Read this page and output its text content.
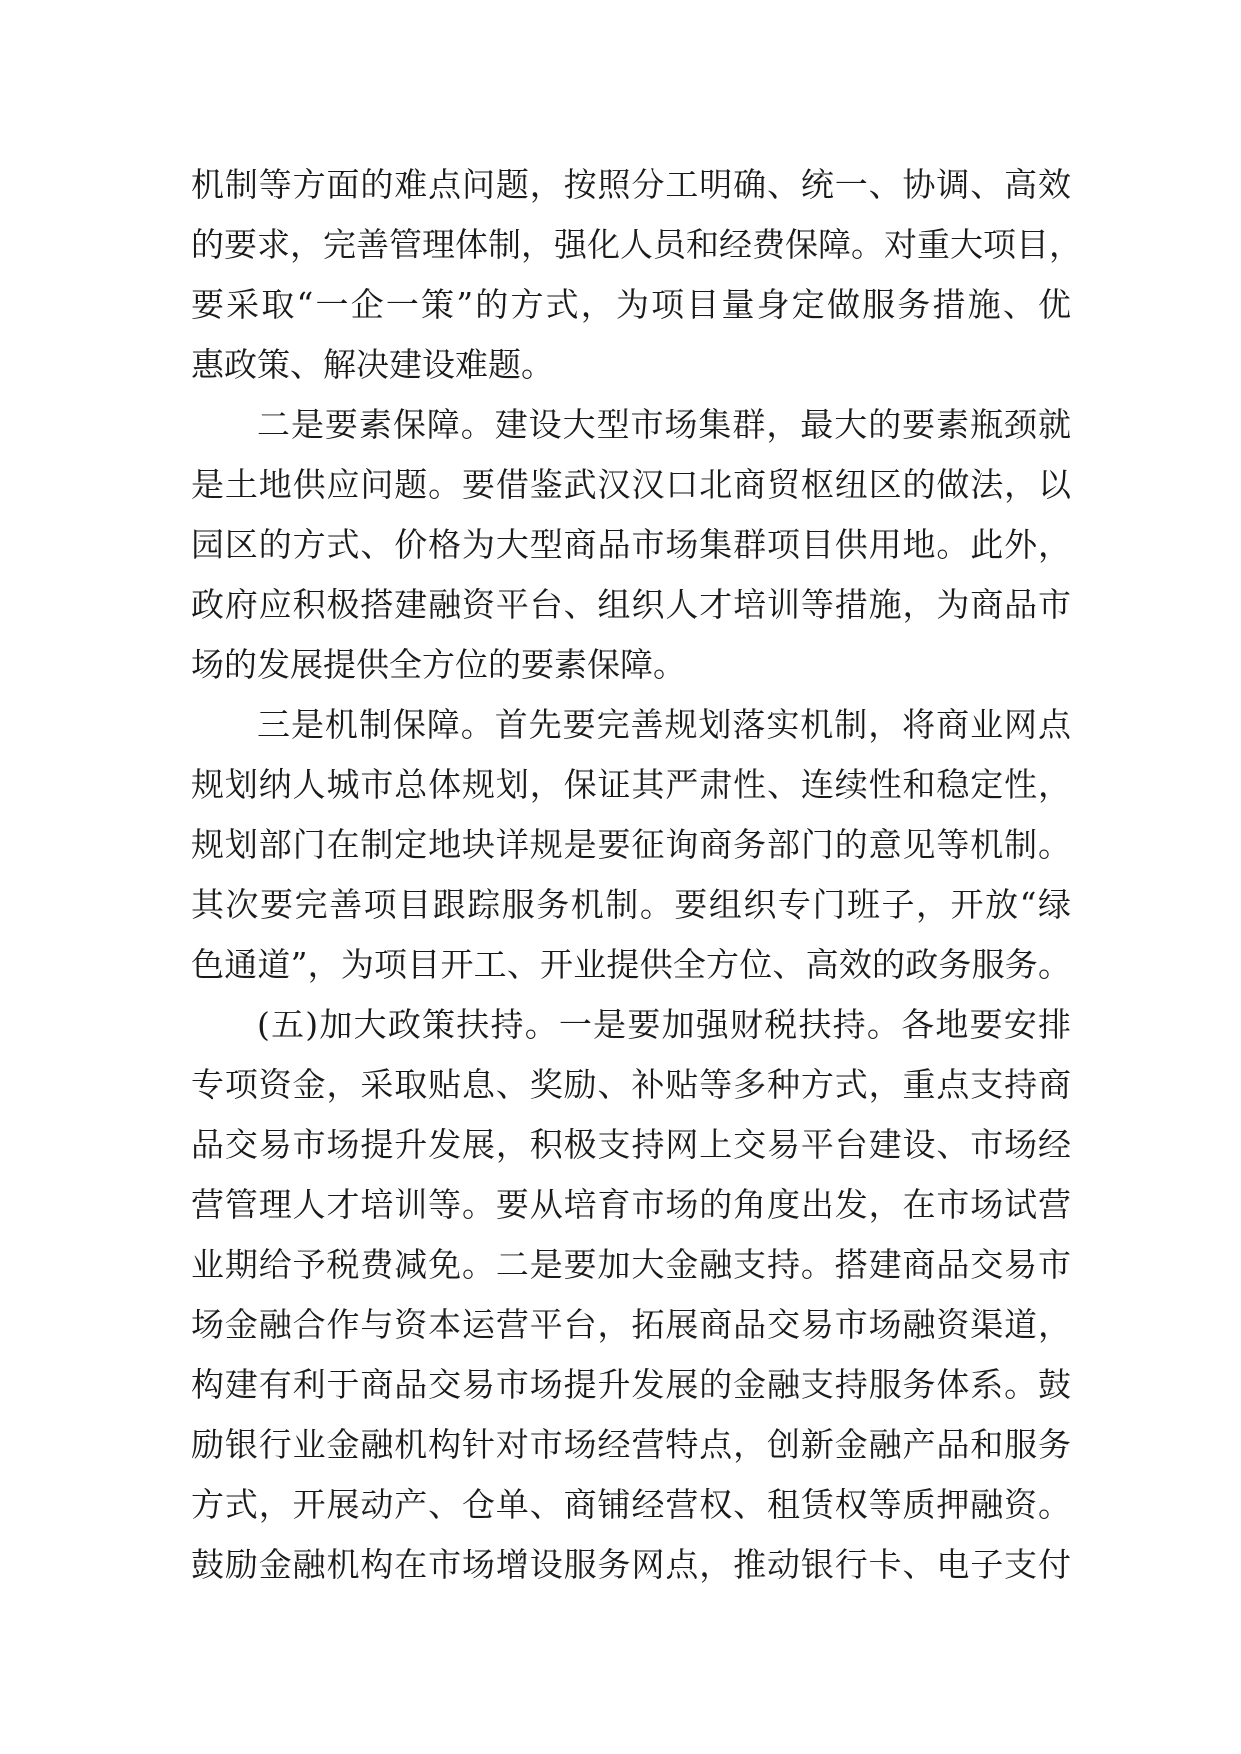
机制等方面的难点问题，按照分工明确、统一、协调、高效
的要求，完善管理体制，强化人员和经费保障。对重大项目，
要采取“一企一策”的方式，为项目量身定做服务措施、优
惠政策、解决建设难题。
二是要素保障。建设大型市场集群，最大的要素瓶颈就
是土地供应问题。要借鉴武汉汉口北商贸枢纽区的做法，以
园区的方式、价格为大型商品市场集群项目供用地。此外，
政府应积极搭建融资平台、组织人才培训等措施，为商品市
场的发展提供全方位的要素保障。
三是机制保障。首先要完善规划落实机制，将商业网点
规划纳人城市总体规划，保证其严肃性、连续性和稳定性，
规划部门在制定地块详规是要征询商务部门的意见等机制。
其次要完善项目跟踪服务机制。要组织专门班子，开放“绿
色通道”，为项目开工、开业提供全方位、高效的政务服务。
(五)加大政策扶持。一是要加强财税扶持。各地要安排
专项资金，采取贴息、奖励、补贴等多种方式，重点支持商
品交易市场提升发展，积极支持网上交易平台建设、市场经
营管理人才培训等。要从培育市场的角度出发，在市场试营
业期给予税费减免。二是要加大金融支持。搭建商品交易市
场金融合作与资本运营平台，拓展商品交易市场融资渠道，
构建有利于商品交易市场提升发展的金融支持服务体系。鼓
励银行业金融机构针对市场经营特点，创新金融产品和服务
方式，开展动产、仓单、商铺经营权、租赁权等质押融资。
鼓励金融机构在市场增设服务网点，推动银行卡、电子支付
